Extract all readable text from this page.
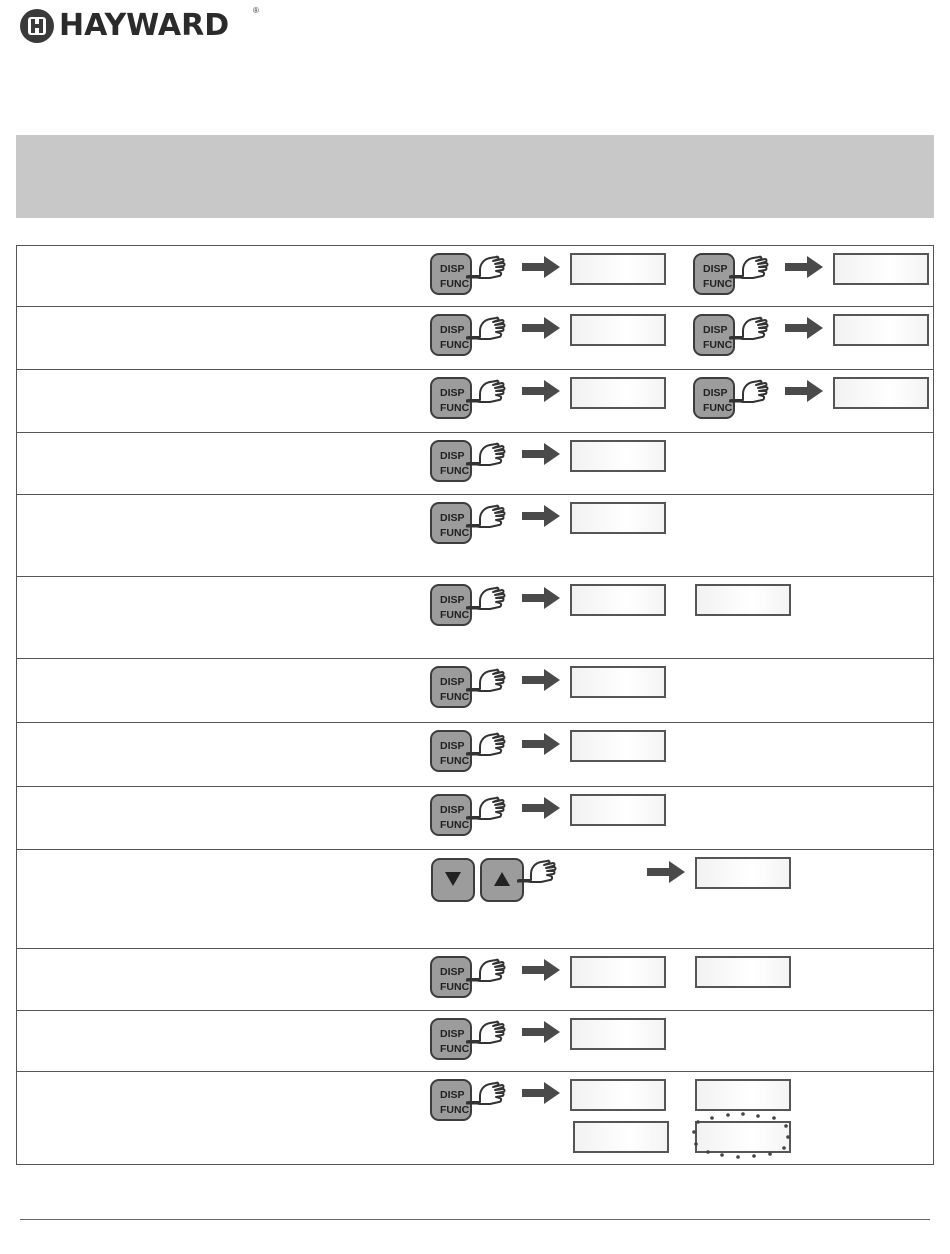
HAYWARD	®
DISP
FUNC
DISP
FUNC
DISP
FUNC
DISP
FUNC
DISP
FUNC
DISP
FUNC
DISP
FUNC
DISP
FUNC
DISP
FUNC
DISP
FUNC
DISP
FUNC
DISP
FUNC
DISP
FUNC
DISP
FUNC
DISP
FUNC
